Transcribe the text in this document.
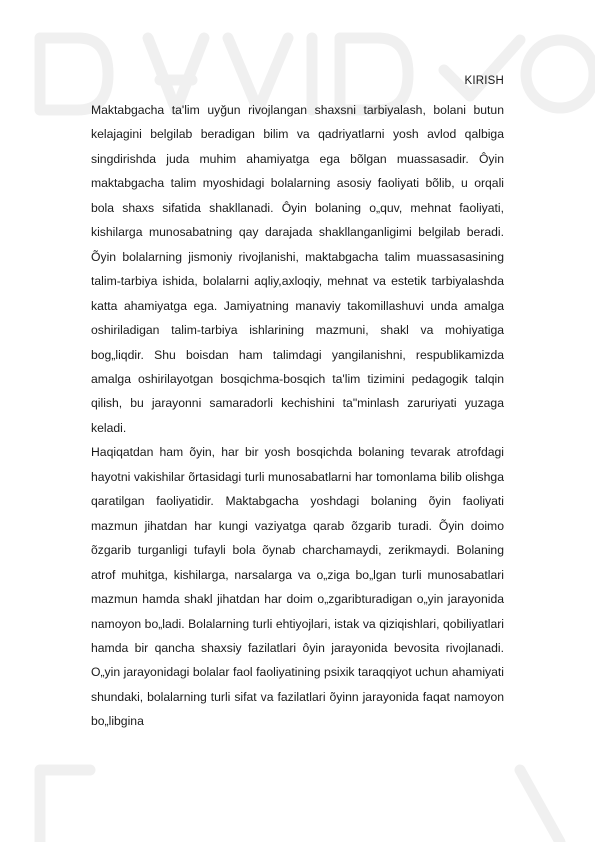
KIRISH

Maktabgacha ta'lim uyğun rivojlangan shaxsni tarbiyalash, bolani butun kelajagini belgilab beradigan bilim va qadriyatlarni yosh avlod qalbiga singdirishda juda muhim ahamiyatga ega bõlgan muassasadir. Ôyin maktabgacha talim myoshidagi bolalarning asosiy faoliyati bõlib, u orqali bola shaxs sifatida shakllanadi. Ôyin bolaning o„quv, mehnat faoliyati, kishilarga munosabatning qay darajada shakllanganligimi belgilab beradi. Õyin bolalarning jismoniy rivojlanishi, maktabgacha talim muassasasining talim-tarbiya ishida, bolalarni aqliy,axloqiy, mehnat va estetik tarbiyalashda katta ahamiyatga ega. Jamiyatning manaviy takomillashuvi unda amalga oshiriladigan talim-tarbiya ishlarining mazmuni, shakl va mohiyatiga bog„liqdir. Shu boisdan ham talimdagi yangilanishni, respublikamizda amalga oshirilayotgan bosqichma-bosqich ta'lim tizimini pedagogik talqin qilish, bu jarayonni samaradorli kechishini ta"minlash zaruriyati yuzaga keladi.

Haqiqatdan ham õyin, har bir yosh bosqichda bolaning tevarak atrofdagi hayotni vakishilar õrtasidagi turli munosabatlarni har tomonlama bilib olishga qaratilgan faoliyatidir. Maktabgacha yoshdagi bolaning õyin faoliyati mazmun jihatdan har kungi vaziyatga qarab õzgarib turadi. Õyin doimo õzgarib turganligi tufayli bola õynab charchamaydi, zerikmaydi. Bolaning atrof muhitga, kishilarga, narsalarga va o„ziga bo„lgan turli munosabatlari mazmun hamda shakl jihatdan har doim o„zgaribturadigan o„yin jarayonida namoyon bo„ladi. Bolalarning turli ehtiyojlari, istak va qiziqishlari, qobiliyatlari hamda bir qancha shaxsiy fazilatlari ôyin jarayonida bevosita rivojlanadi. O„yin jarayonidagi bolalar faol faoliyatining psixik taraqqiyot uchun ahamiyati shundaki, bolalarning turli sifat va fazilatlari õyinn jarayonida faqat namoyon bo„libgina
